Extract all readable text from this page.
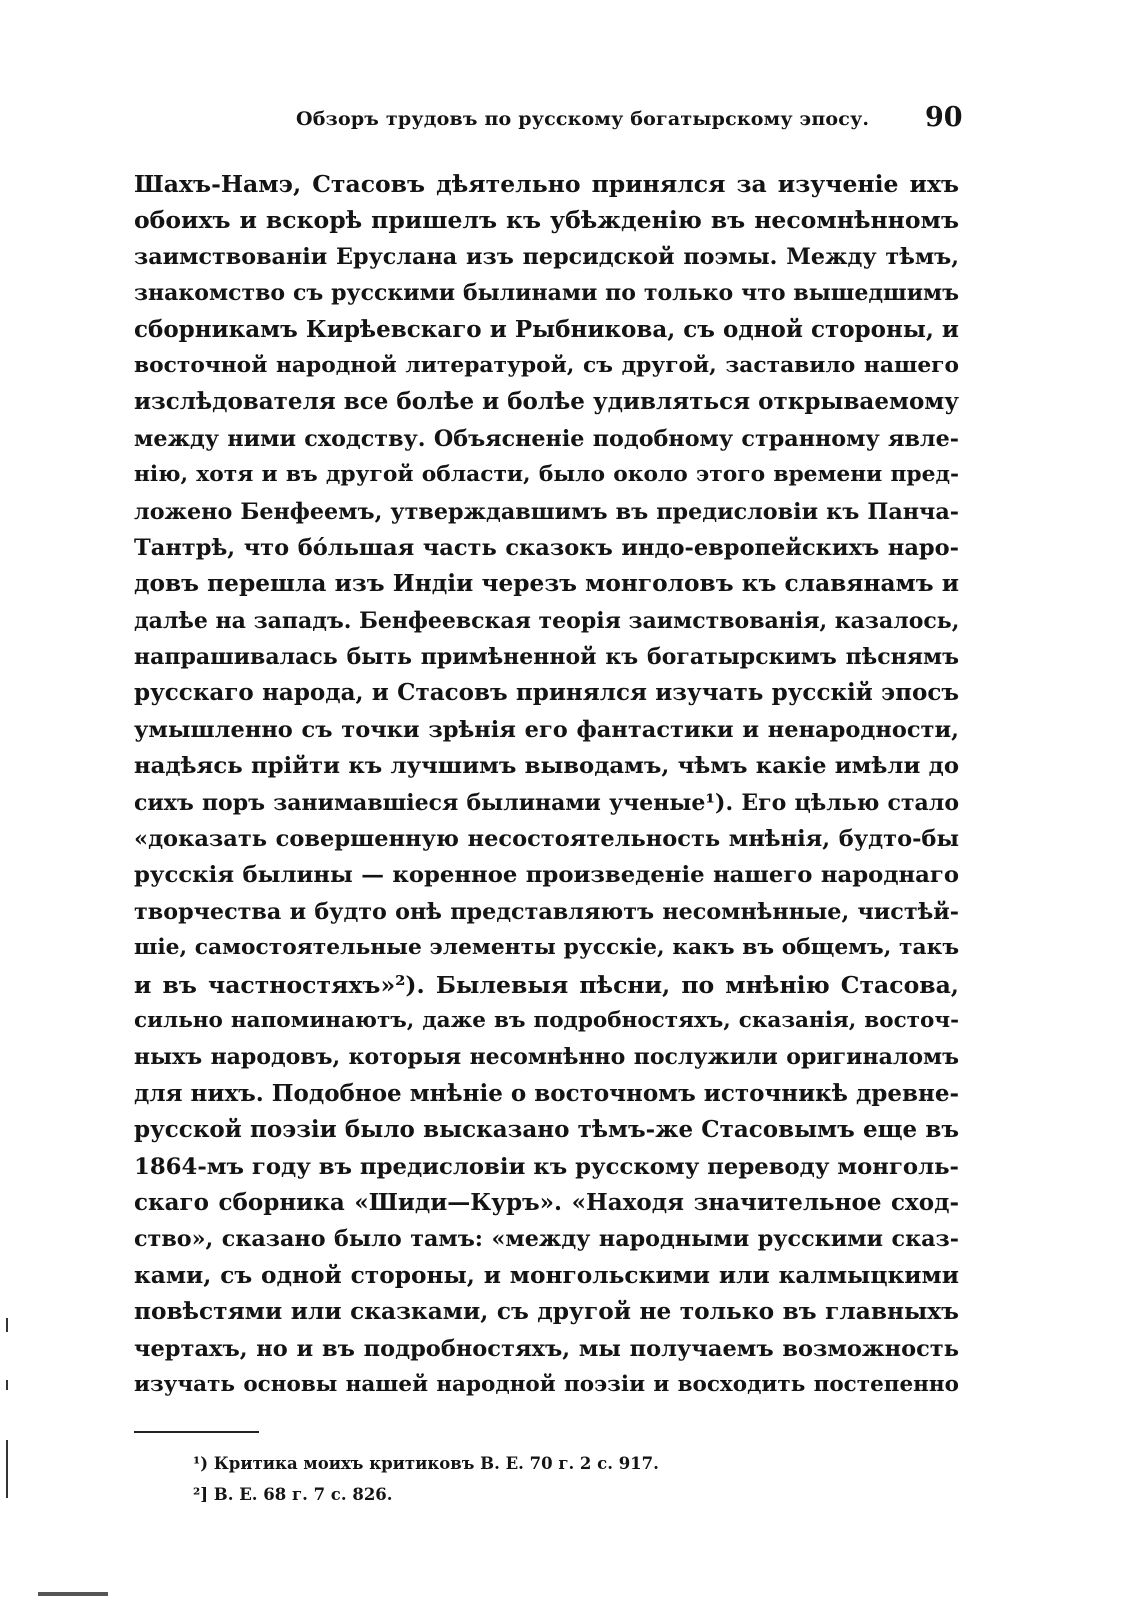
Обзоръ трудовъ по русскому богатырскому эпосу. 90
Шахъ-Намэ, Стасовъ дѣятельно принялся за изученіе ихъ
обоихъ и вскорѣ пришелъ къ убѣжденію въ несомнѣнномъ
заимствованіи Еруслана изъ персидской поэмы. Между тѣмъ,
знакомство съ русскими былинами по только что вышедшимъ
сборникамъ Кирѣевскаго и Рыбникова, съ одной стороны, и
восточной народной литературой, съ другой, заставило нашего
изслѣдователя все болѣе и болѣе удивляться открываемому
между ними сходству. Объясненіе подобному странному явле-
нію, хотя и въ другой области, было около этого времени пред-
ложено Бенфеемъ, утверждавшимъ въ предисловіи къ Панча-
Тантрѣ, что бóльшая часть сказокъ индо-европейскихъ наро-
довъ перешла изъ Индіи черезъ монголовъ къ славянамъ и
далѣе на западъ. Бенфеевская теорія заимствованія, казалось,
напрашивалась быть примѣненной къ богатырскимъ пѣснямъ
русскаго народа, и Стасовъ принялся изучать русскій эпосъ
умышленно съ точки зрѣнія его фантастики и ненародности,
надѣясь прійти къ лучшимъ выводамъ, чѣмъ какіе имѣли до
сихъ поръ занимавшіеся былинами ученые¹). Его цѣлью стало
«доказать совершенную несостоятельность мнѣнія, будто-бы
русскія былины — коренное произведеніе нашего народнаго
творчества и будто онѣ представляютъ несомнѣнные, чистѣй-
шіе, самостоятельные элементы русскіе, какъ въ общемъ, такъ
и въ частностяхъ»²). Былевыя пѣсни, по мнѣнію Стасова,
сильно напоминаютъ, даже въ подробностяхъ, сказанія, восточ-
ныхъ народовъ, которыя несомнѣнно послужили оригиналомъ
для нихъ. Подобное мнѣніе о восточномъ источникѣ древне-
русской поэзіи было высказано тѣмъ-же Стасовымъ еще въ
1864-мъ году въ предисловіи къ русскому переводу монголь-
скаго сборника «Шиди—Куръ». «Находя значительное сход-
ство», сказано было тамъ: «между народными русскими сказ-
ками, съ одной стороны, и монгольскими или калмыцкими
повѣстями или сказками, съ другой не только въ главныхъ
чертахъ, но и въ подробностяхъ, мы получаемъ возможность
изучать основы нашей народной поэзіи и восходить постепенно
¹) Критика моихъ критиковъ В. Е. 70 г. 2 с. 917.
²] В. Е. 68 г. 7 с. 826.
